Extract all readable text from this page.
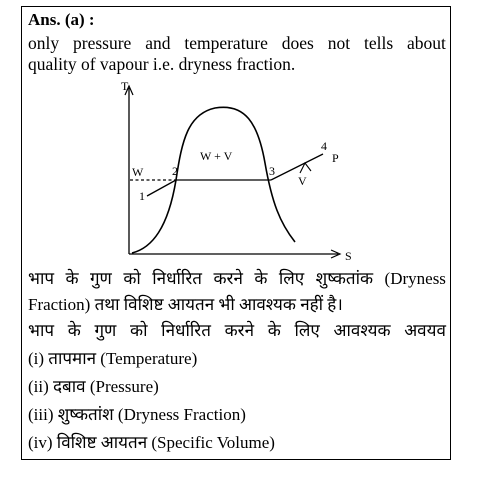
Ans. (a) :
only pressure and temperature does not tells about
quality of vapour i.e. dryness fraction.
T
S
W + V
W
V
P
1
2	3
4
भाप के गुण को निर्धारित करने के लिए शुष्कतांक (Dryness
Fraction) तथा विशिष्ट आयतन भी आवश्यक नहीं है।
भाप के गुण को निर्धारित करने के लिए आवश्यक अवयव
(i) तापमान (Temperature)
(ii) दबाव (Pressure)
(iii) शुष्कतांश (Dryness Fraction)
(iv) विशिष्ट आयतन (Specific Volume)
